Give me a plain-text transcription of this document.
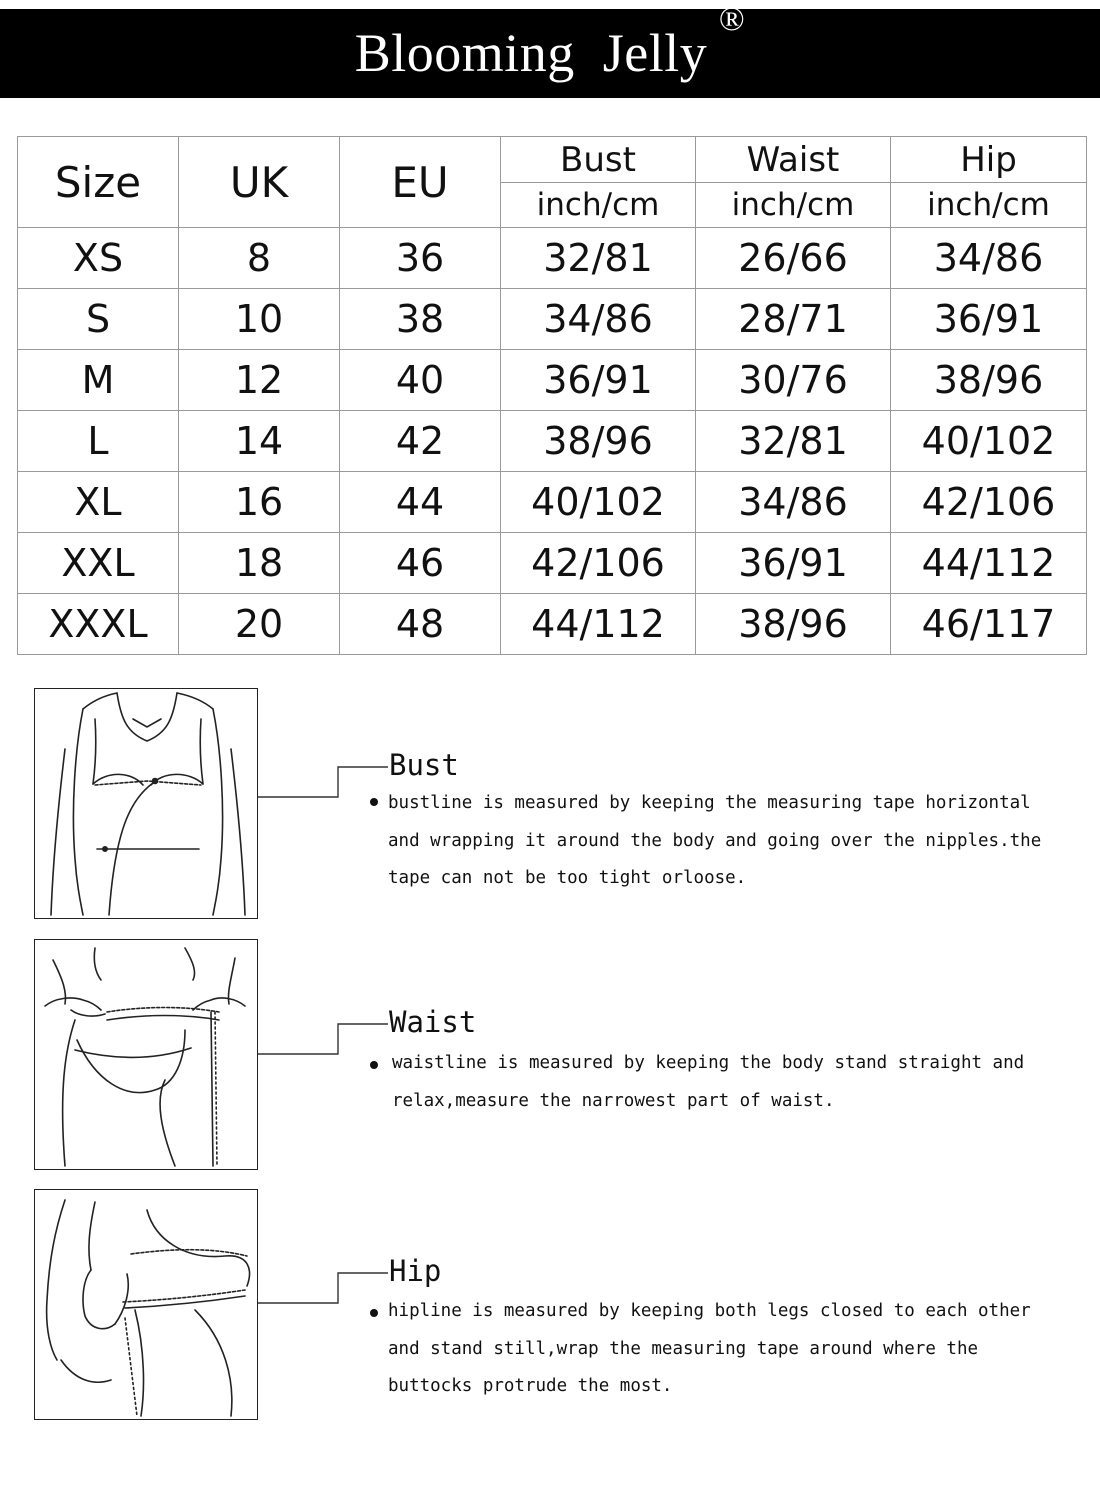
Blooming  Jelly
®
Size	UK	EU	Bust	Waist	Hip
			inch/cm	inch/cm	inch/cm
XS	8	36	32/81	26/66	34/86
S	10	38	34/86	28/71	36/91
M	12	40	36/91	30/76	38/96
L	14	42	38/96	32/81	40/102
XL	16	44	40/102	34/86	42/106
XXL	18	46	42/106	36/91	44/112
XXXL	20	48	44/112	38/96	46/117
Bust
bustline is measured by keeping the measuring tape horizontal
and wrapping it around the body and going over the nipples.the
tape can not be too tight orloose.
Waist
waistline is measured by keeping the body stand straight and
relax,measure the narrowest part of waist.
Hip
hipline is measured by keeping both legs closed to each other
and stand still,wrap the measuring tape around where the
buttocks protrude the most.
